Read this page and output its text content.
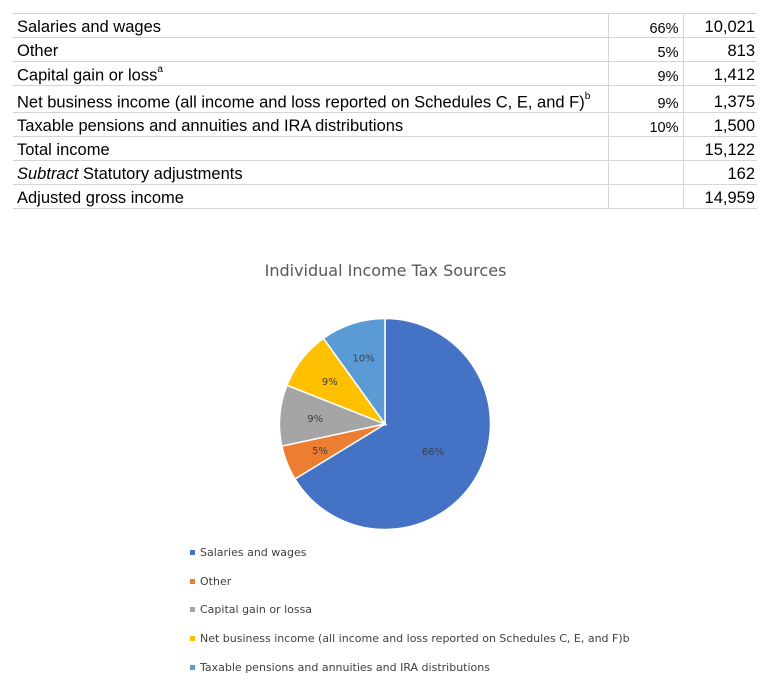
Salaries and wages	66%	10,021
Other	5%	813
Capital gain or loss$^a$	9%	1,412
Net business income (all income and loss reported on Schedules C, E, and F)$^b$	9%	1,375
Taxable pensions and annuities and IRA distributions	10%	1,500
Total income		15,122
Subtract Statutory adjustments		162
Adjusted gross income		14,959
Individual Income Tax Sources
66%
5%
9%
9%
10%
Salaries and wages
Other
Capital gain or lossa
Net business income (all income and loss reported on Schedules C, E, and F)b
Taxable pensions and annuities and IRA distributions
